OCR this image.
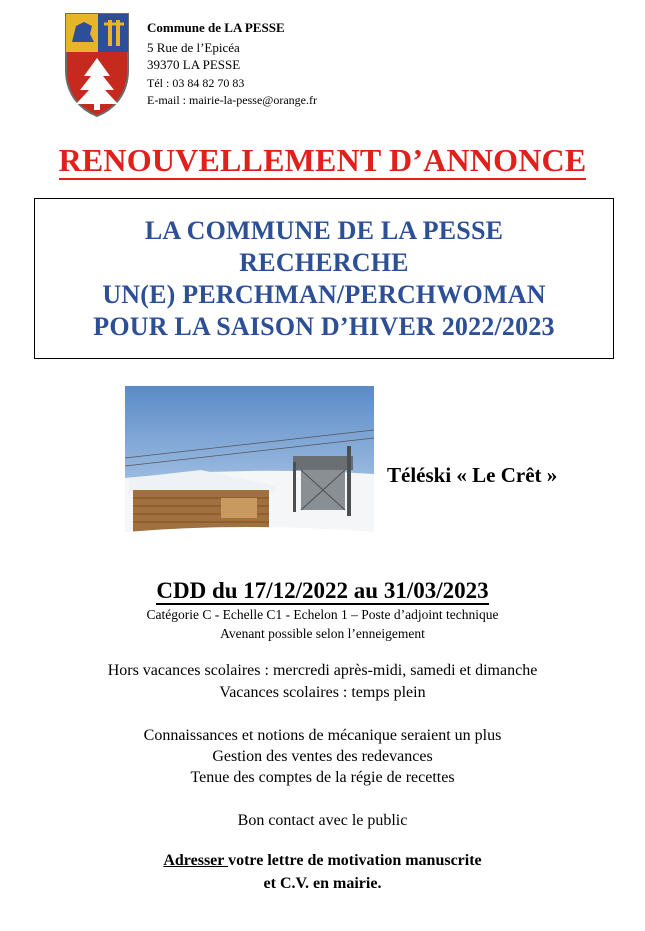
Commune de LA PESSE
5 Rue de l’Epicéa
39370 LA PESSE
Tél : 03 84 82 70 83
E-mail : mairie-la-pesse@orange.fr
RENOUVELLEMENT D’ANNONCE
LA COMMUNE DE LA PESSE
RECHERCHE
UN(E) PERCHMAN/PERCHWOMAN
POUR LA SAISON D’HIVER 2022/2023
Téléski « Le Crêt »
CDD du 17/12/2022 au 31/03/2023
Catégorie C - Echelle C1 - Echelon 1 – Poste d’adjoint technique
Avenant possible selon l’enneigement
Hors vacances scolaires : mercredi après-midi, samedi et dimanche
Vacances scolaires : temps plein
Connaissances et notions de mécanique seraient un plus
Gestion des ventes des redevances
Tenue des comptes de la régie de recettes
Bon contact avec le public
Adresser votre lettre de motivation manuscrite
et C.V. en mairie.
